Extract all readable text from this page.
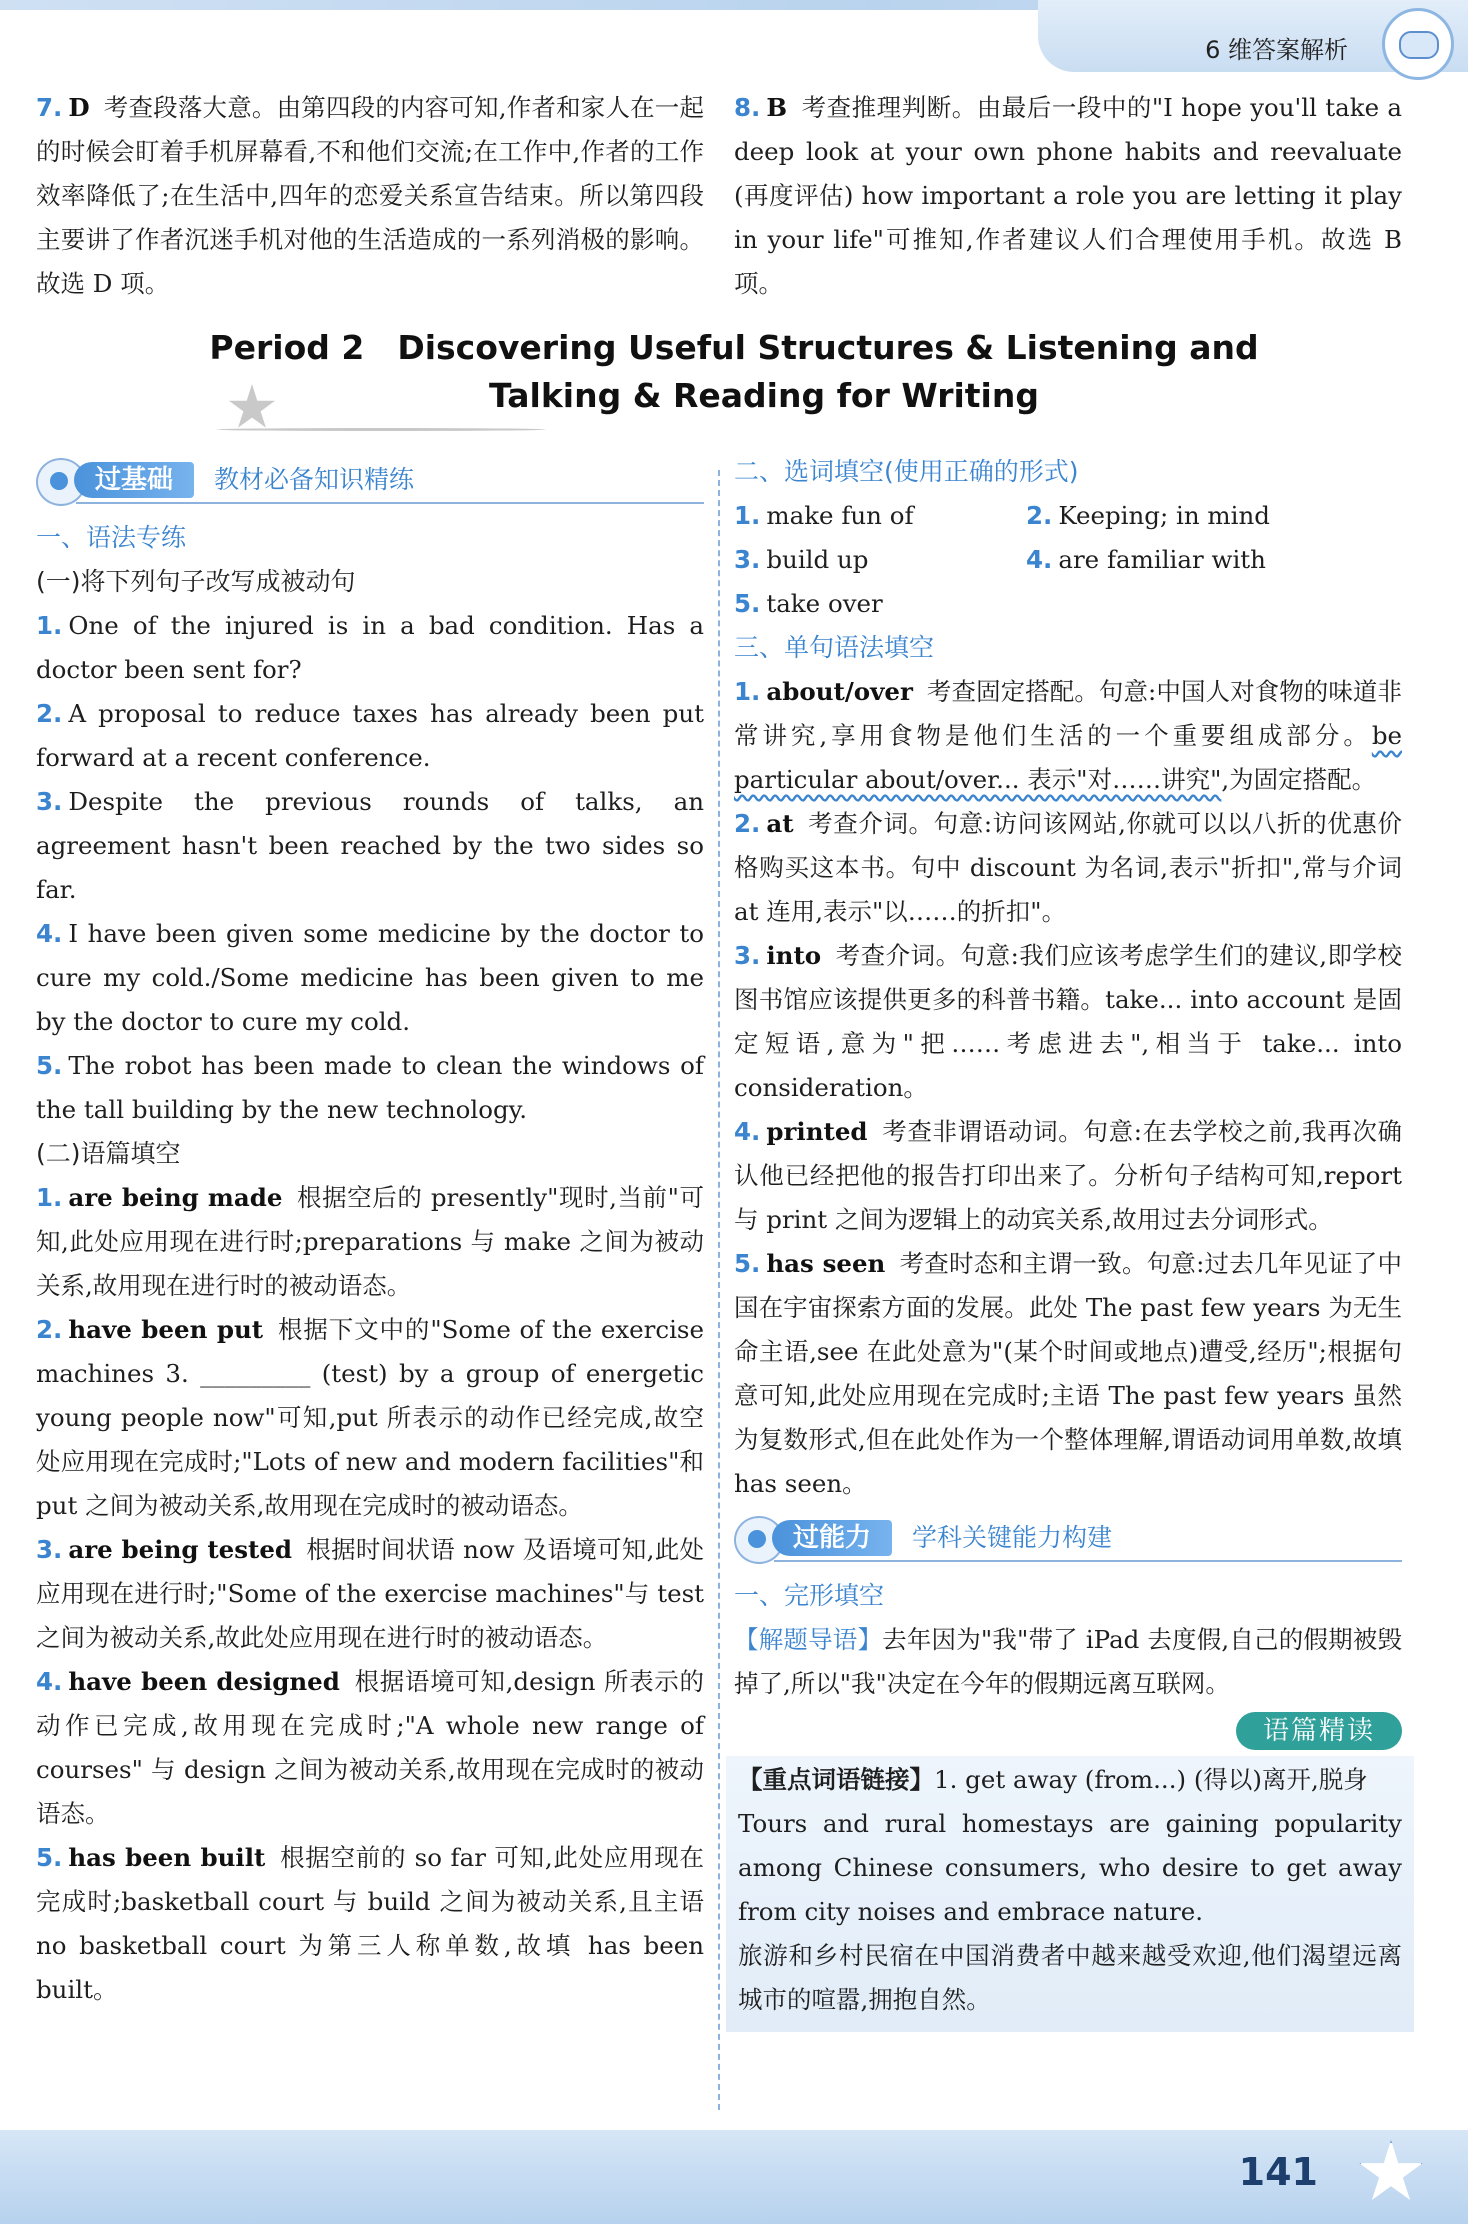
6 维答案解析

7. D 考查段落大意。由第四段的内容可知,作者和家人在一起的时候会盯着手机屏幕看,不和他们交流;在工作中,作者的工作效率降低了;在生活中,四年的恋爱关系宣告结束。所以第四段主要讲了作者沉迷手机对他的生活造成的一系列消极的影响。故选 D 项。

8. B 考查推理判断。由最后一段中的"I hope you'll take a deep look at your own phone habits and reevaluate (再度评估) how important a role you are letting it play in your life"可推知,作者建议人们合理使用手机。故选 B 项。

Period 2　Discovering Useful Structures & Listening and
Talking & Reading for Writing
过基础	教材必备知识精练

一、语法专练

(一)将下列句子改写成被动句

1. One of the injured is in a bad condition. Has a doctor been sent for?

2. A proposal to reduce taxes has already been put forward at a recent conference.

3. Despite the previous rounds of talks, an agreement hasn't been reached by the two sides so far.

4. I have been given some medicine by the doctor to cure my cold./Some medicine has been given to me by the doctor to cure my cold.

5. The robot has been made to clean the windows of the tall building by the new technology.

(二)语篇填空

1. are being made 根据空后的 presently"现时,当前"可知,此处应用现在进行时;preparations 与 make 之间为被动关系,故用现在进行时的被动语态。

2. have been put 根据下文中的"Some of the exercise machines 3. _________ (test) by a group of energetic young people now"可知,put 所表示的动作已经完成,故空处应用现在完成时;"Lots of new and modern facilities"和 put 之间为被动关系,故用现在完成时的被动语态。

3. are being tested 根据时间状语 now 及语境可知,此处应用现在进行时;"Some of the exercise machines"与 test 之间为被动关系,故此处应用现在进行时的被动语态。

4. have been designed 根据语境可知,design 所表示的动作已完成,故用现在完成时;"A whole new range of courses" 与 design 之间为被动关系,故用现在完成时的被动语态。

5. has been built 根据空前的 so far 可知,此处应用现在完成时;basketball court 与 build 之间为被动关系,且主语 no basketball court 为第三人称单数,故填 has been built。

二、选词填空(使用正确的形式)

1. make fun of	2. Keeping; in mind
3. build up	4. are familiar with
5. take over

三、单句语法填空

1. about/over 考查固定搭配。句意:中国人对食物的味道非常讲究,享用食物是他们生活的一个重要组成部分。be particular about/over... 表示"对……讲究",为固定搭配。

2. at 考查介词。句意:访问该网站,你就可以以八折的优惠价格购买这本书。句中 discount 为名词,表示"折扣",常与介词 at 连用,表示"以……的折扣"。

3. into 考查介词。句意:我们应该考虑学生们的建议,即学校图书馆应该提供更多的科普书籍。take... into account 是固定短语,意为"把……考虑进去",相当于 take... into consideration。

4. printed 考查非谓语动词。句意:在去学校之前,我再次确认他已经把他的报告打印出来了。分析句子结构可知,report 与 print 之间为逻辑上的动宾关系,故用过去分词形式。

5. has seen 考查时态和主谓一致。句意:过去几年见证了中国在宇宙探索方面的发展。此处 The past few years 为无生命主语,see 在此处意为"(某个时间或地点)遭受,经历";根据句意可知,此处应用现在完成时;主语 The past few years 虽然为复数形式,但在此处作为一个整体理解,谓语动词用单数,故填 has seen。

过能力	学科关键能力构建

一、完形填空

【解题导语】去年因为"我"带了 iPad 去度假,自己的假期被毁掉了,所以"我"决定在今年的假期远离互联网。

语篇精读

【重点词语链接】1. get away (from...) (得以)离开,脱身

Tours and rural homestays are gaining popularity among Chinese consumers, who desire to get away from city noises and embrace nature.

旅游和乡村民宿在中国消费者中越来越受欢迎,他们渴望远离城市的喧嚣,拥抱自然。

141
